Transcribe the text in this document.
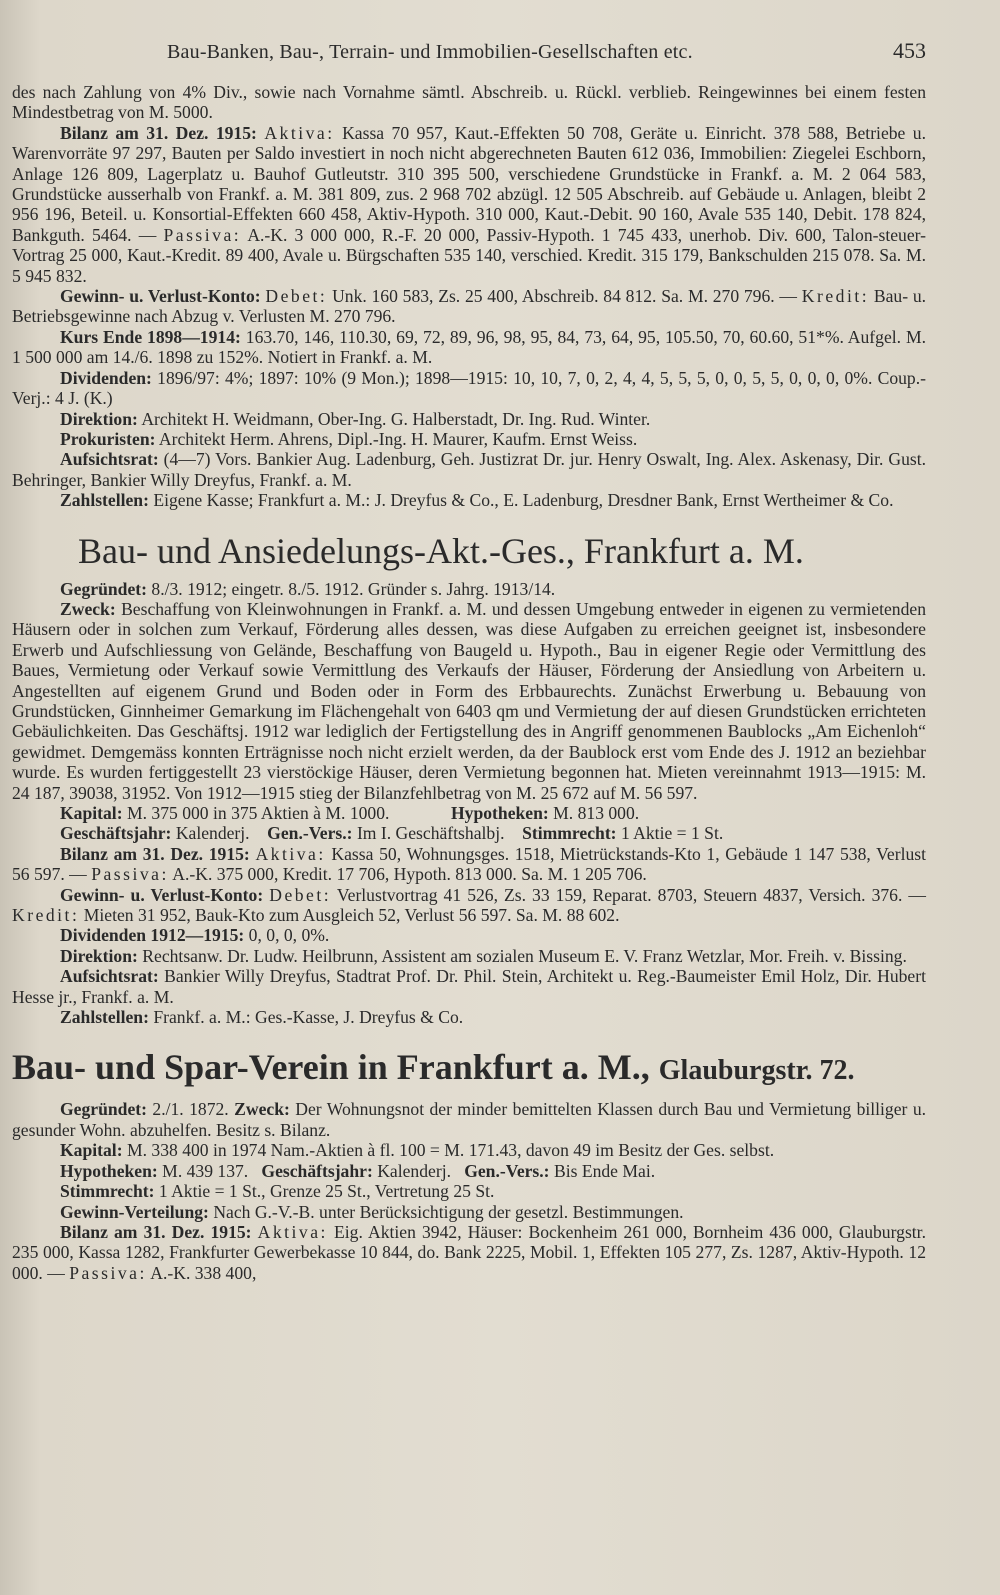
Bau-Banken, Bau-, Terrain- und Immobilien-Gesellschaften etc.	453

des nach Zahlung von 4% Div., sowie nach Vornahme sämtl. Abschreib. u. Rückl. verblieb. Reingewinnes bei einem festen Mindestbetrag von M. 5000.

Bilanz am 31. Dez. 1915: Aktiva: Kassa 70 957, Kaut.-Effekten 50 708, Geräte u. Einricht. 378 588, Betriebe u. Warenvorräte 97 297, Bauten per Saldo investiert in noch nicht abgerechneten Bauten 612 036, Immobilien: Ziegelei Eschborn, Anlage 126 809, Lagerplatz u. Bauhof Gutleutstr. 310 395 500, verschiedene Grundstücke in Frankf. a. M. 2 064 583, Grundstücke ausserhalb von Frankf. a. M. 381 809, zus. 2 968 702 abzügl. 12 505 Abschreib. auf Gebäude u. Anlagen, bleibt 2 956 196, Beteil. u. Konsortial-Effekten 660 458, Aktiv-Hypoth. 310 000, Kaut.-Debit. 90 160, Avale 535 140, Debit. 178 824, Bankguth. 5464. — Passiva: A.-K. 3 000 000, R.-F. 20 000, Passiv-Hypoth. 1 745 433, unerhob. Div. 600, Talon-steuer-Vortrag 25 000, Kaut.-Kredit. 89 400, Avale u. Bürgschaften 535 140, verschied. Kredit. 315 179, Bankschulden 215 078. Sa. M. 5 945 832.

Gewinn- u. Verlust-Konto: Debet: Unk. 160 583, Zs. 25 400, Abschreib. 84 812. Sa. M. 270 796. — Kredit: Bau- u. Betriebsgewinne nach Abzug v. Verlusten M. 270 796.

Kurs Ende 1898—1914: 163.70, 146, 110.30, 69, 72, 89, 96, 98, 95, 84, 73, 64, 95, 105.50, 70, 60.60, 51*%. Aufgel. M. 1 500 000 am 14./6. 1898 zu 152%. Notiert in Frankf. a. M.

Dividenden: 1896/97: 4%; 1897: 10% (9 Mon.); 1898—1915: 10, 10, 7, 0, 2, 4, 4, 5, 5, 5, 0, 0, 5, 5, 0, 0, 0, 0%. Coup.-Verj.: 4 J. (K.)

Direktion: Architekt H. Weidmann, Ober-Ing. G. Halberstadt, Dr. Ing. Rud. Winter.

Prokuristen: Architekt Herm. Ahrens, Dipl.-Ing. H. Maurer, Kaufm. Ernst Weiss.

Aufsichtsrat: (4—7) Vors. Bankier Aug. Ladenburg, Geh. Justizrat Dr. jur. Henry Oswalt, Ing. Alex. Askenasy, Dir. Gust. Behringer, Bankier Willy Dreyfus, Frankf. a. M.

Zahlstellen: Eigene Kasse; Frankfurt a. M.: J. Dreyfus & Co., E. Ladenburg, Dresdner Bank, Ernst Wertheimer & Co.

Bau- und Ansiedelungs-Akt.-Ges., Frankfurt a. M.

Gegründet: 8./3. 1912; eingetr. 8./5. 1912. Gründer s. Jahrg. 1913/14.

Zweck: Beschaffung von Kleinwohnungen in Frankf. a. M. und dessen Umgebung entweder in eigenen zu vermietenden Häusern oder in solchen zum Verkauf, Förderung alles dessen, was diese Aufgaben zu erreichen geeignet ist, insbesondere Erwerb und Aufschliessung von Gelände, Beschaffung von Baugeld u. Hypoth., Bau in eigener Regie oder Vermittlung des Baues, Vermietung oder Verkauf sowie Vermittlung des Verkaufs der Häuser, Förderung der Ansiedlung von Arbeitern u. Angestellten auf eigenem Grund und Boden oder in Form des Erbbaurechts. Zunächst Erwerbung u. Bebauung von Grundstücken, Ginnheimer Gemarkung im Flächengehalt von 6403 qm und Vermietung der auf diesen Grundstücken errichteten Gebäulichkeiten. Das Geschäftsj. 1912 war lediglich der Fertigstellung des in Angriff genommenen Baublocks „Am Eichenloh“ gewidmet. Demgemäss konnten Erträgnisse noch nicht erzielt werden, da der Baublock erst vom Ende des J. 1912 an beziehbar wurde. Es wurden fertiggestellt 23 vierstöckige Häuser, deren Vermietung begonnen hat. Mieten vereinnahmt 1913—1915: M. 24 187, 39038, 31952. Von 1912—1915 stieg der Bilanzfehlbetrag von M. 25 672 auf M. 56 597.

Kapital: M. 375 000 in 375 Aktien à M. 1000.	Hypotheken: M. 813 000.

Geschäftsjahr: Kalenderj. Gen.-Vers.: Im I. Geschäftshalbj. Stimmrecht: 1 Aktie = 1 St.

Bilanz am 31. Dez. 1915: Aktiva: Kassa 50, Wohnungsges. 1518, Mietrückstands-Kto 1, Gebäude 1 147 538, Verlust 56 597. — Passiva: A.-K. 375 000, Kredit. 17 706, Hypoth. 813 000. Sa. M. 1 205 706.

Gewinn- u. Verlust-Konto: Debet: Verlustvortrag 41 526, Zs. 33 159, Reparat. 8703, Steuern 4837, Versich. 376. — Kredit: Mieten 31 952, Bauk-Kto zum Ausgleich 52, Verlust 56 597. Sa. M. 88 602.

Dividenden 1912—1915: 0, 0, 0, 0%.

Direktion: Rechtsanw. Dr. Ludw. Heilbrunn, Assistent am sozialen Museum E. V. Franz Wetzlar, Mor. Freih. v. Bissing.

Aufsichtsrat: Bankier Willy Dreyfus, Stadtrat Prof. Dr. Phil. Stein, Architekt u. Reg.-Baumeister Emil Holz, Dir. Hubert Hesse jr., Frankf. a. M.

Zahlstellen: Frankf. a. M.: Ges.-Kasse, J. Dreyfus & Co.

Bau- und Spar-Verein in Frankfurt a. M., Glauburgstr. 72.

Gegründet: 2./1. 1872. Zweck: Der Wohnungsnot der minder bemittelten Klassen durch Bau und Vermietung billiger u. gesunder Wohn. abzuhelfen. Besitz s. Bilanz.

Kapital: M. 338 400 in 1974 Nam.-Aktien à fl. 100 = M. 171.43, davon 49 im Besitz der Ges. selbst.

Hypotheken: M. 439 137. Geschäftsjahr: Kalenderj. Gen.-Vers.: Bis Ende Mai.

Stimmrecht: 1 Aktie = 1 St., Grenze 25 St., Vertretung 25 St.

Gewinn-Verteilung: Nach G.-V.-B. unter Berücksichtigung der gesetzl. Bestimmungen.

Bilanz am 31. Dez. 1915: Aktiva: Eig. Aktien 3942, Häuser: Bockenheim 261 000, Bornheim 436 000, Glauburgstr. 235 000, Kassa 1282, Frankfurter Gewerbekasse 10 844, do. Bank 2225, Mobil. 1, Effekten 105 277, Zs. 1287, Aktiv-Hypoth. 12 000. — Passiva: A.-K. 338 400,
